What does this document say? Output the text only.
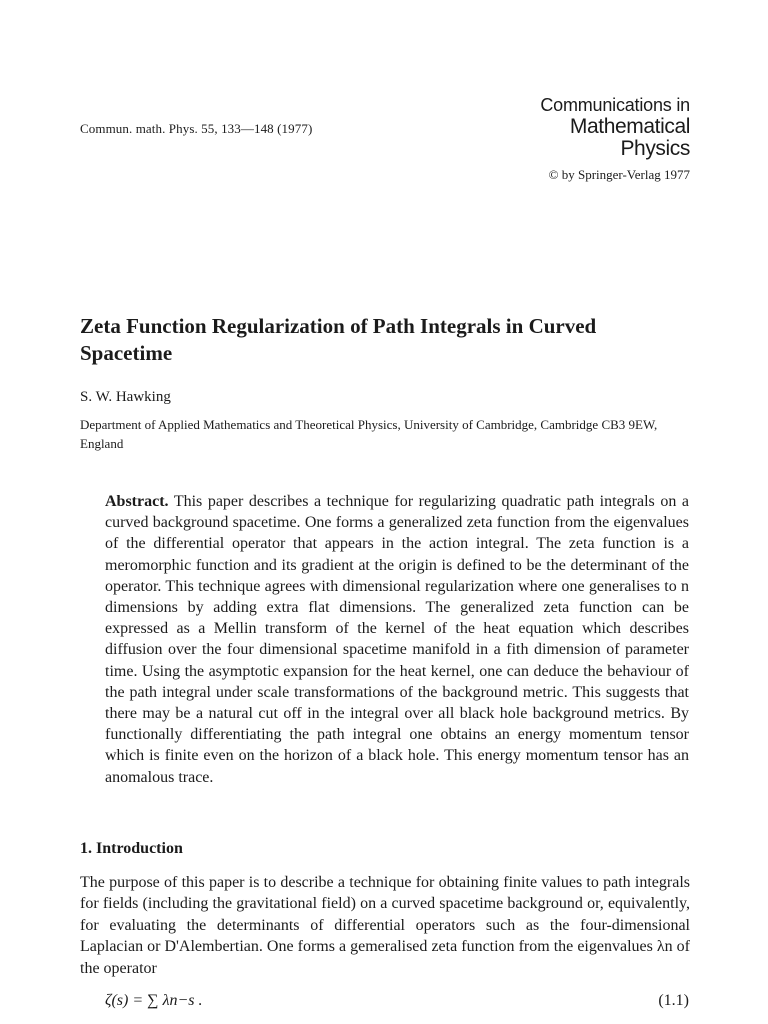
Commun. math. Phys. 55, 133—148 (1977)
Communications in
Mathematical
Physics
© by Springer-Verlag 1977
Zeta Function Regularization of Path Integrals in Curved Spacetime
S. W. Hawking
Department of Applied Mathematics and Theoretical Physics, University of Cambridge, Cambridge CB3 9EW, England
Abstract. This paper describes a technique for regularizing quadratic path integrals on a curved background spacetime. One forms a generalized zeta function from the eigenvalues of the differential operator that appears in the action integral. The zeta function is a meromorphic function and its gradient at the origin is defined to be the determinant of the operator. This technique agrees with dimensional regularization where one generalises to n dimensions by adding extra flat dimensions. The generalized zeta function can be expressed as a Mellin transform of the kernel of the heat equation which describes diffusion over the four dimensional spacetime manifold in a fith dimension of parameter time. Using the asymptotic expansion for the heat kernel, one can deduce the behaviour of the path integral under scale transformations of the background metric. This suggests that there may be a natural cut off in the integral over all black hole background metrics. By functionally differentiating the path integral one obtains an energy momentum tensor which is finite even on the horizon of a black hole. This energy momentum tensor has an anomalous trace.
1. Introduction
The purpose of this paper is to describe a technique for obtaining finite values to path integrals for fields (including the gravitational field) on a curved spacetime background or, equivalently, for evaluating the determinants of differential operators such as the four-dimensional Laplacian or D'Alembertian. One forms a gemeralised zeta function from the eigenvalues λn of the operator
ζ(s) = ∑ λn−s .	(1.1)
